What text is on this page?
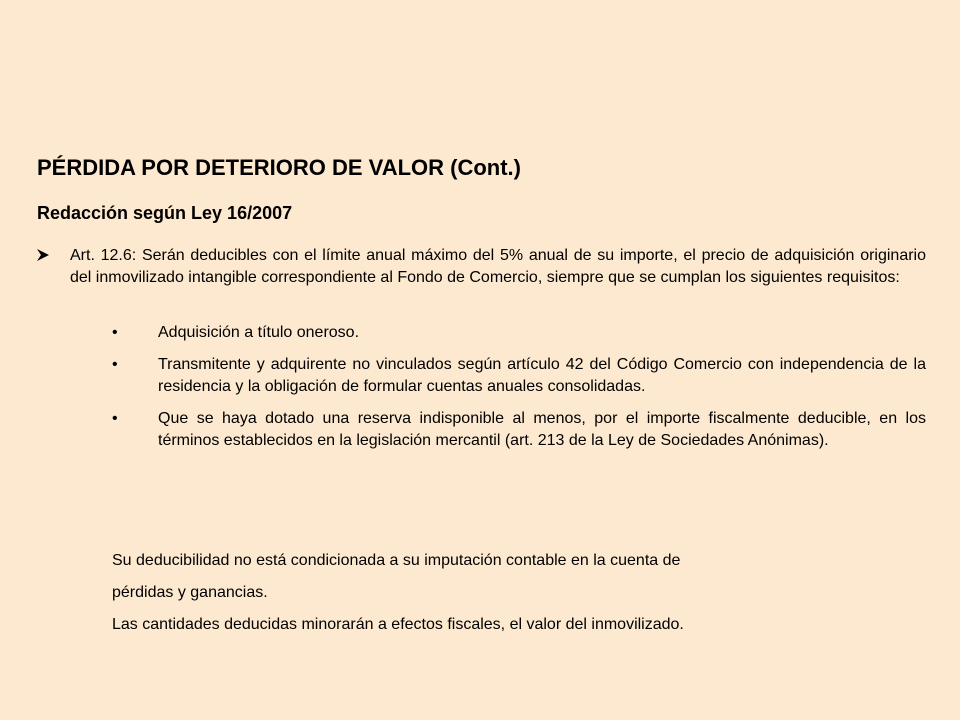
PÉRDIDA POR DETERIORO DE VALOR (Cont.)
Redacción según Ley 16/2007
Art. 12.6: Serán deducibles con el límite anual máximo del 5% anual de su importe, el precio de adquisición originario del inmovilizado intangible correspondiente al Fondo de Comercio, siempre que se cumplan los siguientes requisitos:
•	Adquisición a título oneroso.
•	Transmitente y adquirente no vinculados según artículo 42 del Código Comercio con independencia de la residencia y la obligación de formular cuentas anuales consolidadas.
•	Que se haya dotado una reserva indisponible al menos, por el importe fiscalmente deducible, en los términos establecidos en la legislación mercantil (art. 213 de la Ley de Sociedades Anónimas).
Su deducibilidad no está condicionada a su imputación contable en la cuenta de
pérdidas y ganancias.
Las cantidades deducidas minorarán a efectos fiscales, el valor del inmovilizado.
